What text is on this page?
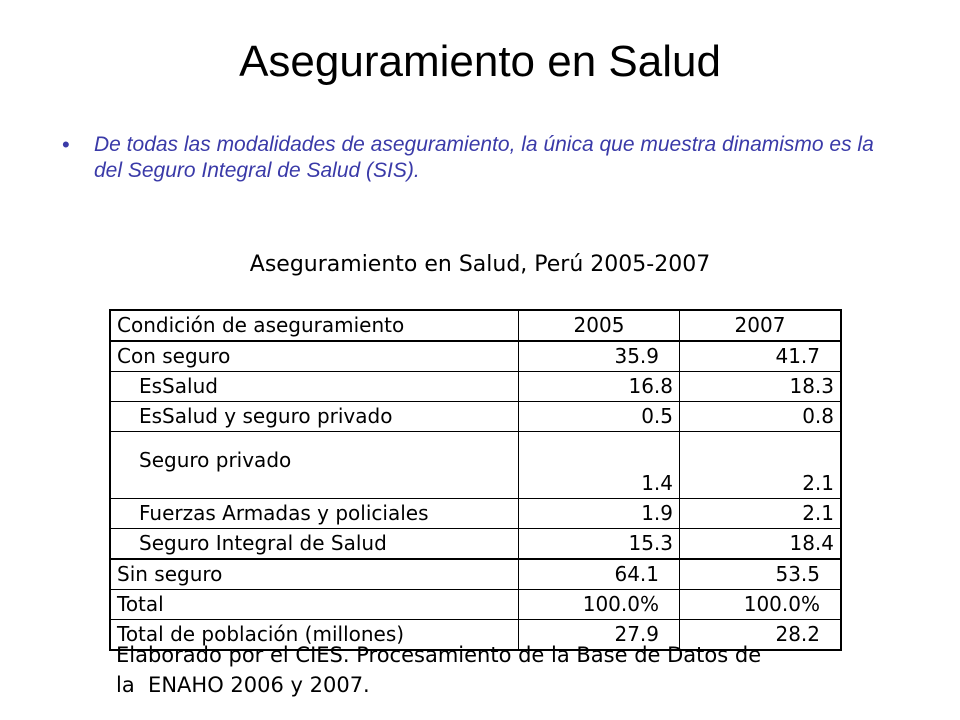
Aseguramiento en Salud
•	De todas las modalidades de aseguramiento, la única que muestra dinamismo es la del Seguro Integral de Salud (SIS).
Aseguramiento en Salud, Perú 2005-2007
Condición de aseguramiento	2005	2007
Con seguro	35.9	41.7
EsSalud	16.8	18.3
EsSalud y seguro privado	0.5	0.8
Seguro privado	1.4	2.1
Fuerzas Armadas y policiales	1.9	2.1
Seguro Integral de Salud	15.3	18.4
Sin seguro	64.1	53.5
Total	100.0%	100.0%
Total de población (millones)	27.9	28.2
Elaborado por el CIES. Procesamiento de la Base de Datos de
la  ENAHO 2006 y 2007.
